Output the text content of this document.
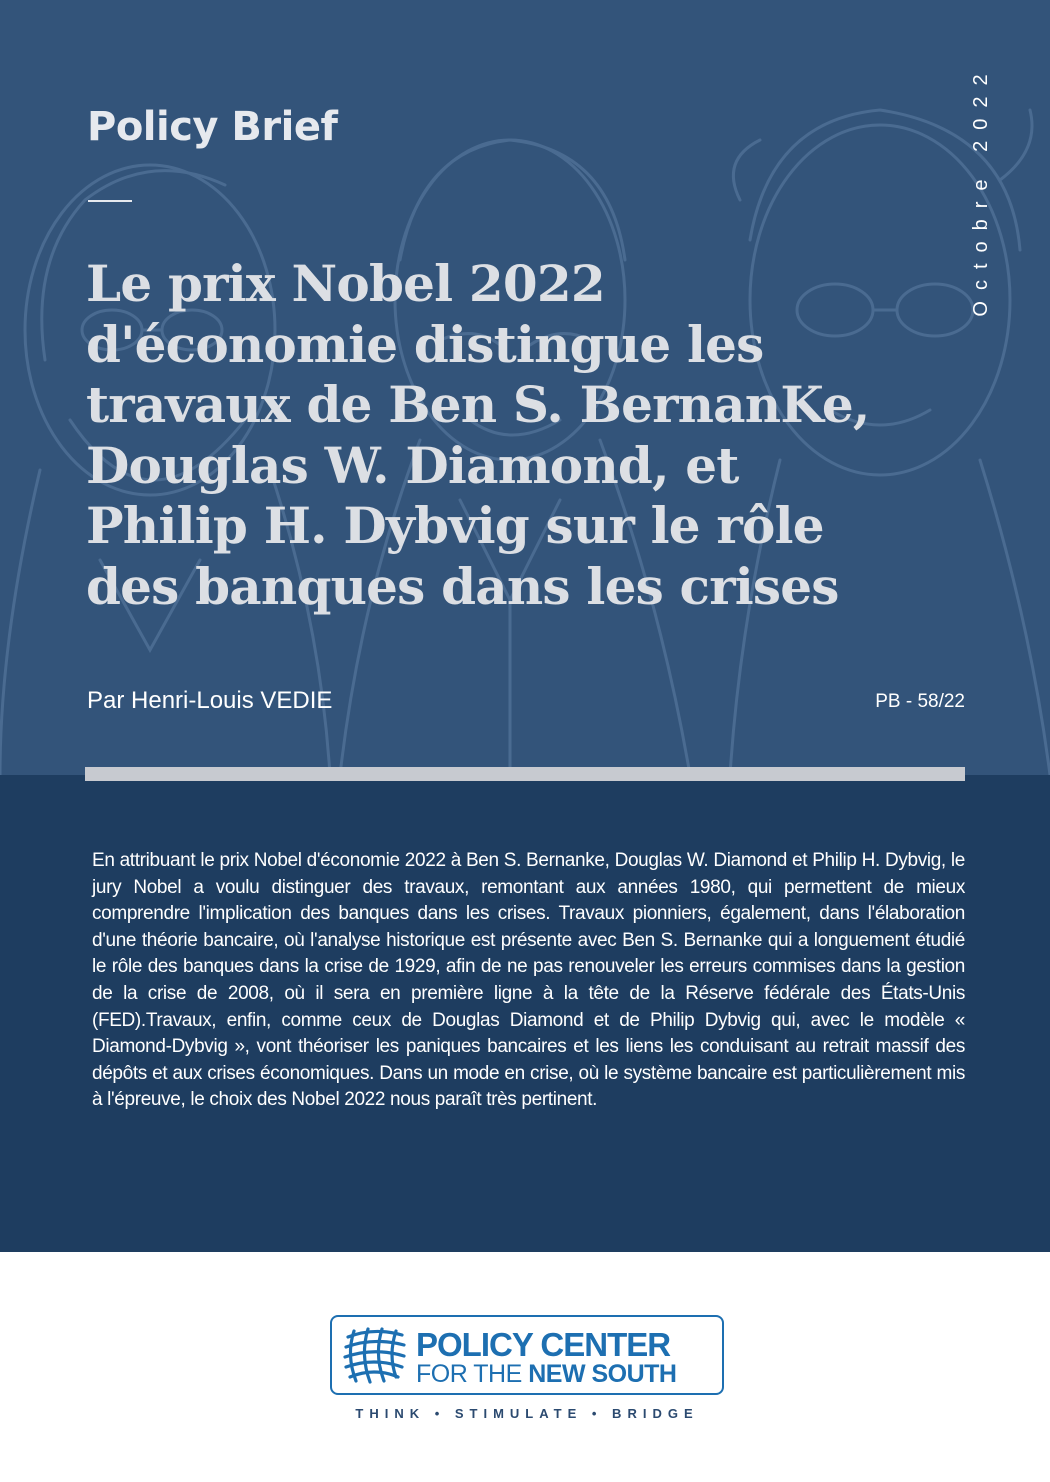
Policy Brief
Le prix Nobel 2022 d'économie distingue les travaux de Ben S. BernanKe, Douglas W. Diamond, et Philip H. Dybvig sur le rôle des banques dans les crises
Octobre 2022
Par Henri-Louis VEDIE	PB - 58/22

En attribuant le prix Nobel d'économie 2022 à Ben S. Bernanke, Douglas W. Diamond et Philip H. Dybvig, le jury Nobel a voulu distinguer des travaux, remontant aux années 1980, qui permettent de mieux comprendre l'implication des banques dans les crises. Travaux pionniers, également, dans l'élaboration d'une théorie bancaire, où l'analyse historique est présente avec Ben S. Bernanke qui a longuement étudié le rôle des banques dans la crise de 1929, afin de ne pas renouveler les erreurs commises dans la gestion de la crise de 2008, où il sera en première ligne à la tête de la Réserve fédérale des États-Unis (FED).Travaux, enfin, comme ceux de Douglas Diamond et de Philip Dybvig qui, avec le modèle « Diamond-Dybvig », vont théoriser les paniques bancaires et les liens les conduisant au retrait massif des dépôts et aux crises économiques. Dans un mode en crise, où le système bancaire est particulièrement mis à l'épreuve, le choix des Nobel 2022 nous paraît très pertinent.

POLICY CENTER
FOR THE NEW SOUTH
THINK • STIMULATE • BRIDGE
